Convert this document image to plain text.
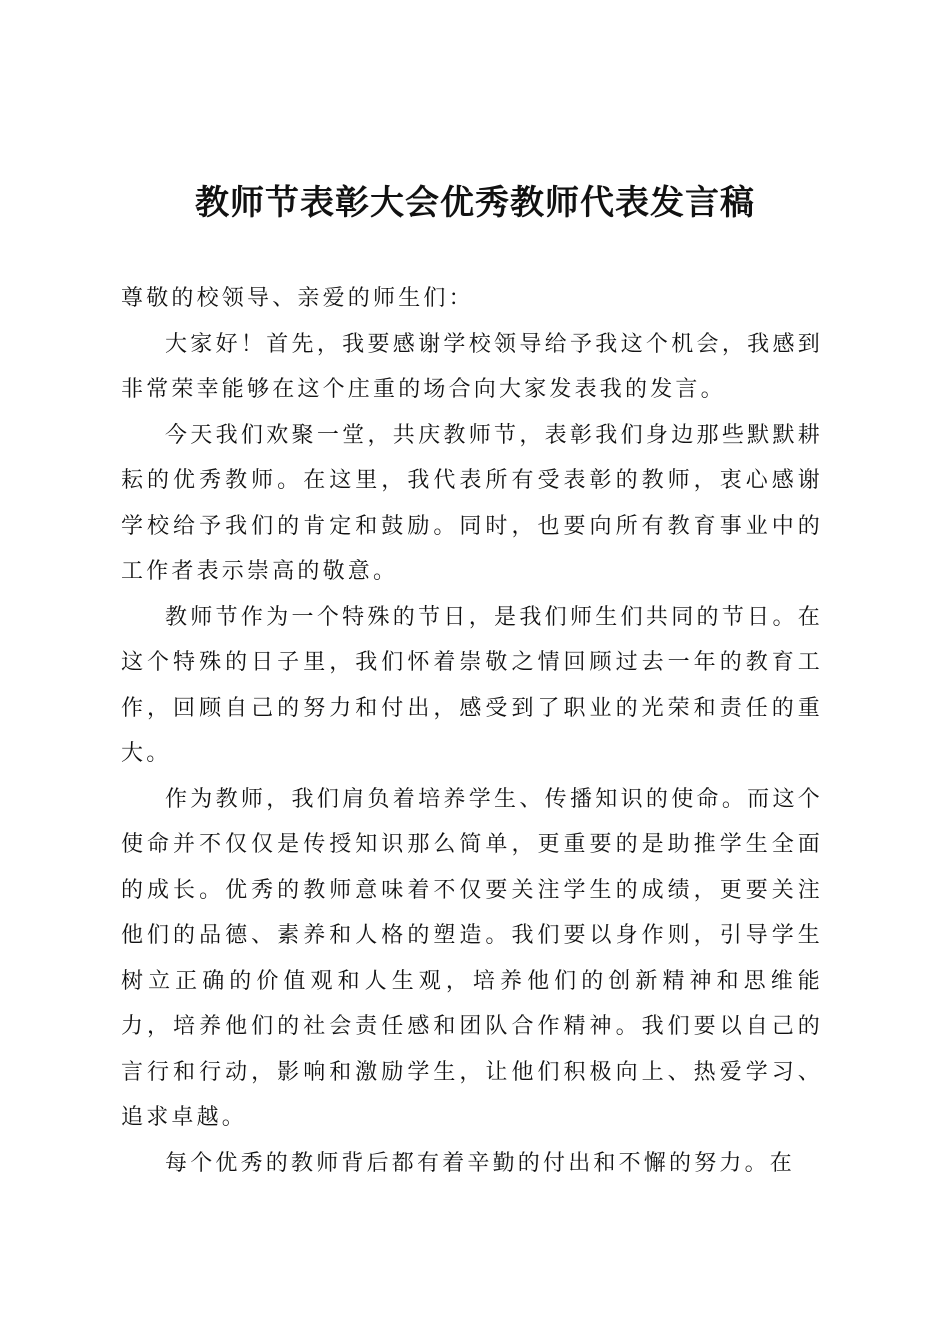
教师节表彰大会优秀教师代表发言稿

尊敬的校领导、亲爱的师生们：

大家好！首先，我要感谢学校领导给予我这个机会，我感到非常荣幸能够在这个庄重的场合向大家发表我的发言。

今天我们欢聚一堂，共庆教师节，表彰我们身边那些默默耕耘的优秀教师。在这里，我代表所有受表彰的教师，衷心感谢学校给予我们的肯定和鼓励。同时，也要向所有教育事业中的工作者表示崇高的敬意。

教师节作为一个特殊的节日，是我们师生们共同的节日。在这个特殊的日子里，我们怀着崇敬之情回顾过去一年的教育工作，回顾自己的努力和付出，感受到了职业的光荣和责任的重大。

作为教师，我们肩负着培养学生、传播知识的使命。而这个使命并不仅仅是传授知识那么简单，更重要的是助推学生全面的成长。优秀的教师意味着不仅要关注学生的成绩，更要关注他们的品德、素养和人格的塑造。我们要以身作则，引导学生树立正确的价值观和人生观，培养他们的创新精神和思维能力，培养他们的社会责任感和团队合作精神。我们要以自己的言行和行动，影响和激励学生，让他们积极向上、热爱学习、追求卓越。

每个优秀的教师背后都有着辛勤的付出和不懈的努力。在
